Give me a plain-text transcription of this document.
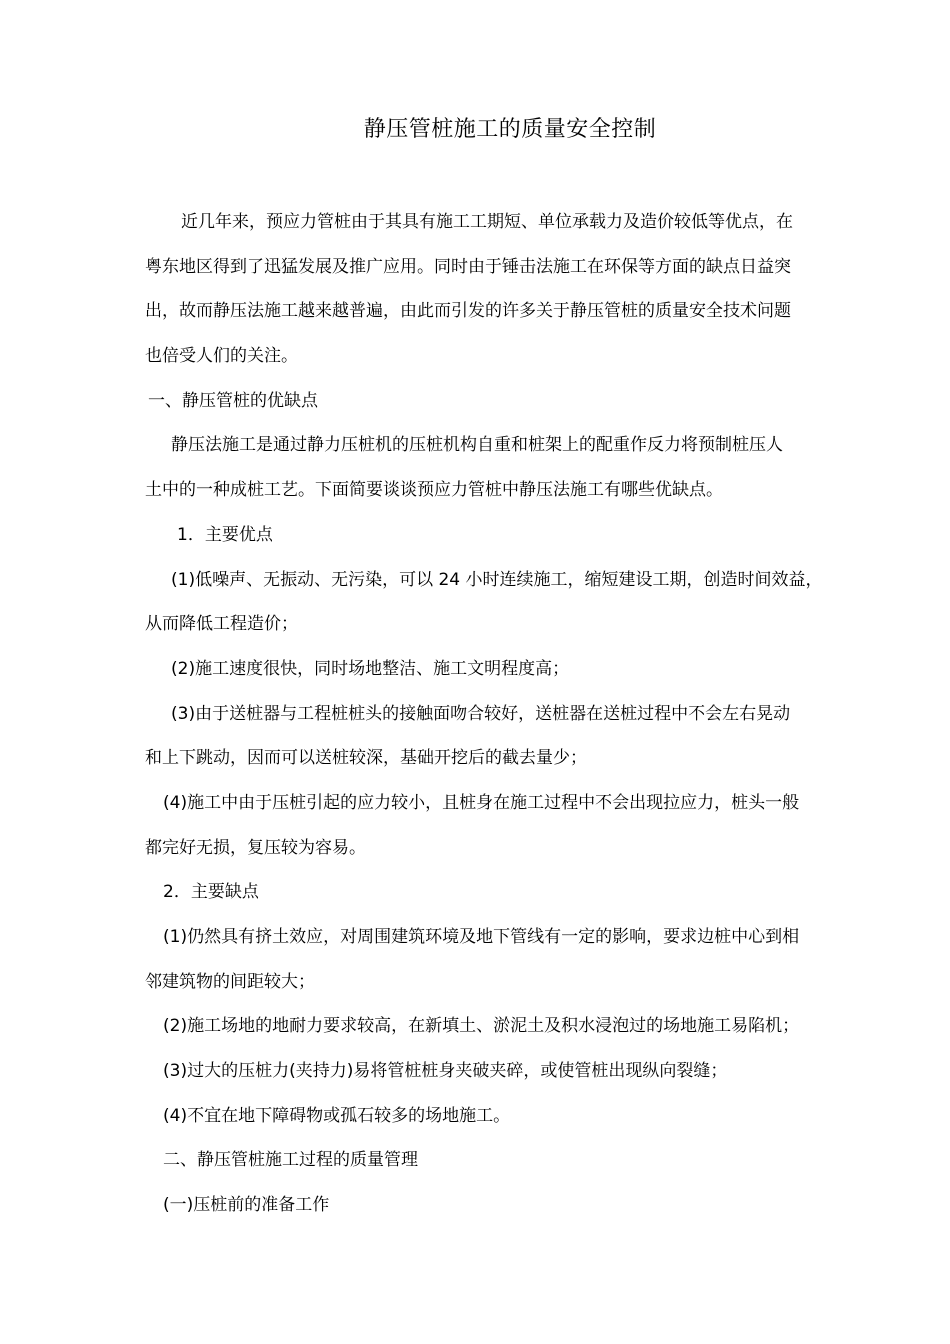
静压管桩施工的质量安全控制
近几年来，预应力管桩由于其具有施工工期短、单位承载力及造价较低等优点，在
粤东地区得到了迅猛发展及推广应用。同时由于锤击法施工在环保等方面的缺点日益突
出，故而静压法施工越来越普遍，由此而引发的许多关于静压管桩的质量安全技术问题
也倍受人们的关注。
一、静压管桩的优缺点
静压法施工是通过静力压桩机的压桩机构自重和桩架上的配重作反力将预制桩压人
土中的一种成桩工艺。下面简要谈谈预应力管桩中静压法施工有哪些优缺点。
1．主要优点
(1)低噪声、无振动、无污染，可以 24 小时连续施工，缩短建设工期，创造时间效益，
从而降低工程造价；
(2)施工速度很快，同时场地整洁、施工文明程度高；
(3)由于送桩器与工程桩桩头的接触面吻合较好，送桩器在送桩过程中不会左右晃动
和上下跳动，因而可以送桩较深，基础开挖后的截去量少；
(4)施工中由于压桩引起的应力较小，且桩身在施工过程中不会出现拉应力，桩头一般
都完好无损，复压较为容易。
2．主要缺点
(1)仍然具有挤土效应，对周围建筑环境及地下管线有一定的影响，要求边桩中心到相
邻建筑物的间距较大；
(2)施工场地的地耐力要求较高，在新填土、淤泥土及积水浸泡过的场地施工易陷机；
(3)过大的压桩力(夹持力)易将管桩桩身夹破夹碎，或使管桩出现纵向裂缝；
(4)不宜在地下障碍物或孤石较多的场地施工。
二、静压管桩施工过程的质量管理
(一)压桩前的准备工作
